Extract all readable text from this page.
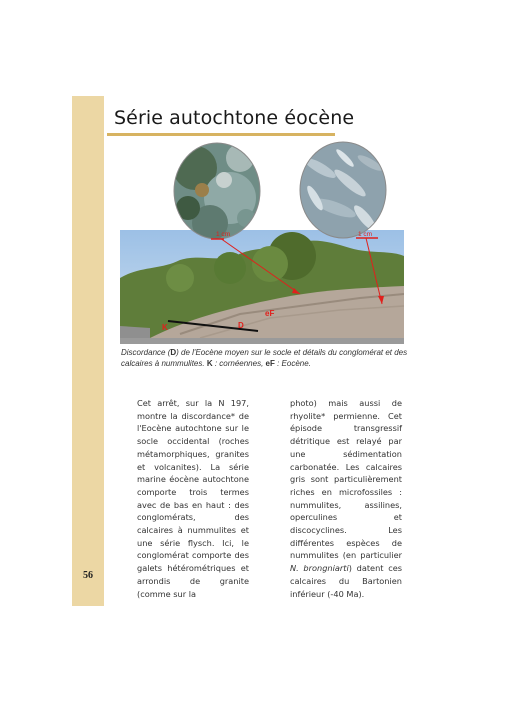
56
Série autochtone éocène
1 cm	1 cm
eF
K	D

Discordance (D) de l'Eocène moyen sur le socle et détails du conglomérat et des calcaires à nummulites. K : cornéennes, eF : Eocène.

Cet arrêt, sur la N 197, montre la discordance* de l'Eocène autochtone sur le socle occidental (roches métamorphiques, granites et volcanites). La série marine éocène autochtone comporte trois termes avec de bas en haut : des conglomérats, des calcaires à nummulites et une série flysch. Ici, le conglomérat comporte des galets hétérométriques et arrondis de granite (comme sur la

photo) mais aussi de rhyolite* permienne. Cet épisode transgressif détritique est relayé par une sédimentation carbonatée. Les calcaires gris sont particulièrement riches en microfossiles : nummulites, assilines, operculines et discocyclines. Les différentes espèces de nummulites (en particulier N. brongniarti) datent ces calcaires du Bartonien inférieur (-40 Ma).
